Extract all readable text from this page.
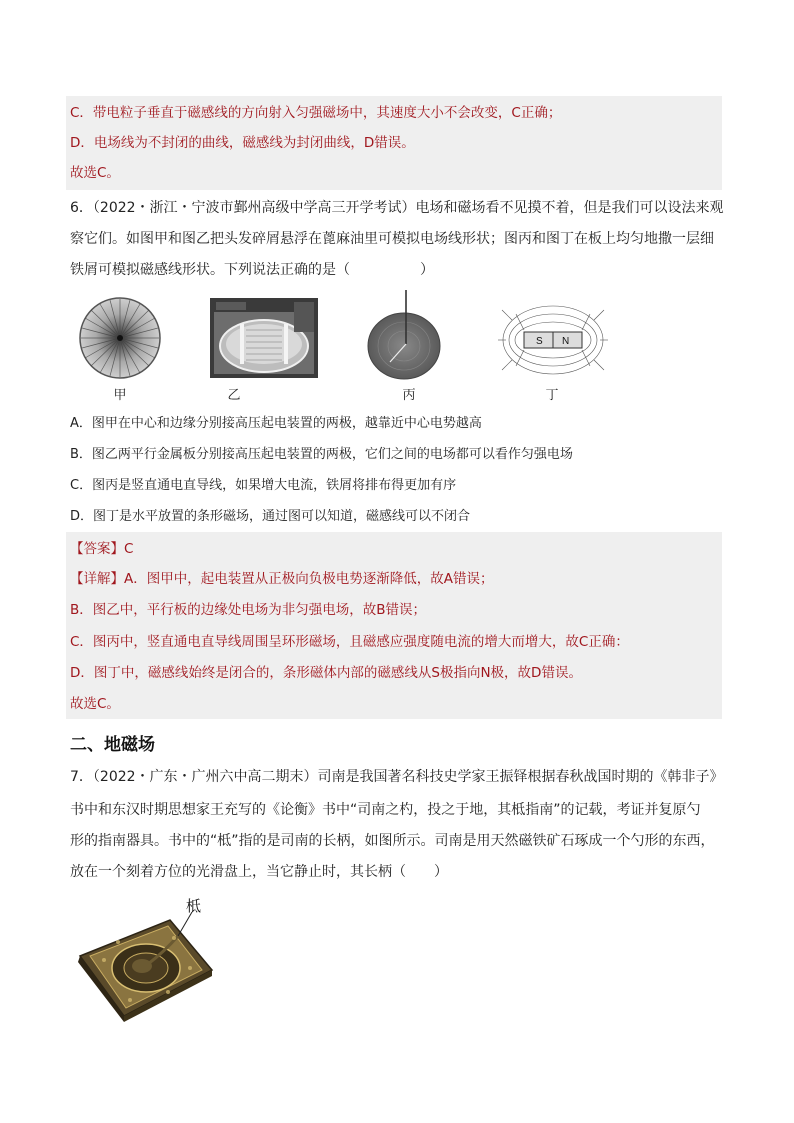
C．带电粒子垂直于磁感线的方向射入匀强磁场中，其速度大小不会改变，C正确；
D．电场线为不封闭的曲线，磁感线为封闭曲线，D错误。
故选C。
6．（2022・浙江・宁波市鄞州高级中学高三开学考试）电场和磁场看不见摸不着，但是我们可以设法来观
察它们。如图甲和图乙把头发碎屑悬浮在蓖麻油里可模拟电场线形状；图丙和图丁在板上均匀地撒一层细
铁屑可模拟磁感线形状。下列说法正确的是（	）
甲	乙	丙
S N
丁
A．图甲在中心和边缘分别接高压起电装置的两极，越靠近中心电势越高
B．图乙两平行金属板分别接高压起电装置的两极，它们之间的电场都可以看作匀强电场
C．图丙是竖直通电直导线，如果增大电流，铁屑将排布得更加有序
D．图丁是水平放置的条形磁场，通过图可以知道，磁感线可以不闭合
【答案】C
【详解】A．图甲中，起电装置从正极向负极电势逐渐降低，故A错误；
B．图乙中，平行板的边缘处电场为非匀强电场，故B错误；
C．图丙中，竖直通电直导线周围呈环形磁场，且磁感应强度随电流的增大而增大，故C正确：
D．图丁中，磁感线始终是闭合的，条形磁体内部的磁感线从S极指向N极，故D错误。
故选C。
二、地磁场
7．（2022・广东・广州六中高二期末）司南是我国著名科技史学家王振铎根据春秋战国时期的《韩非子》
书中和东汉时期思想家王充写的《论衡》书中“司南之杓，投之于地，其柢指南”的记载，考证并复原勺
形的指南器具。书中的“柢”指的是司南的长柄，如图所示。司南是用天然磁铁矿石琢成一个勺形的东西，
放在一个刻着方位的光滑盘上，当它静止时，其长柄（　　）
柢
